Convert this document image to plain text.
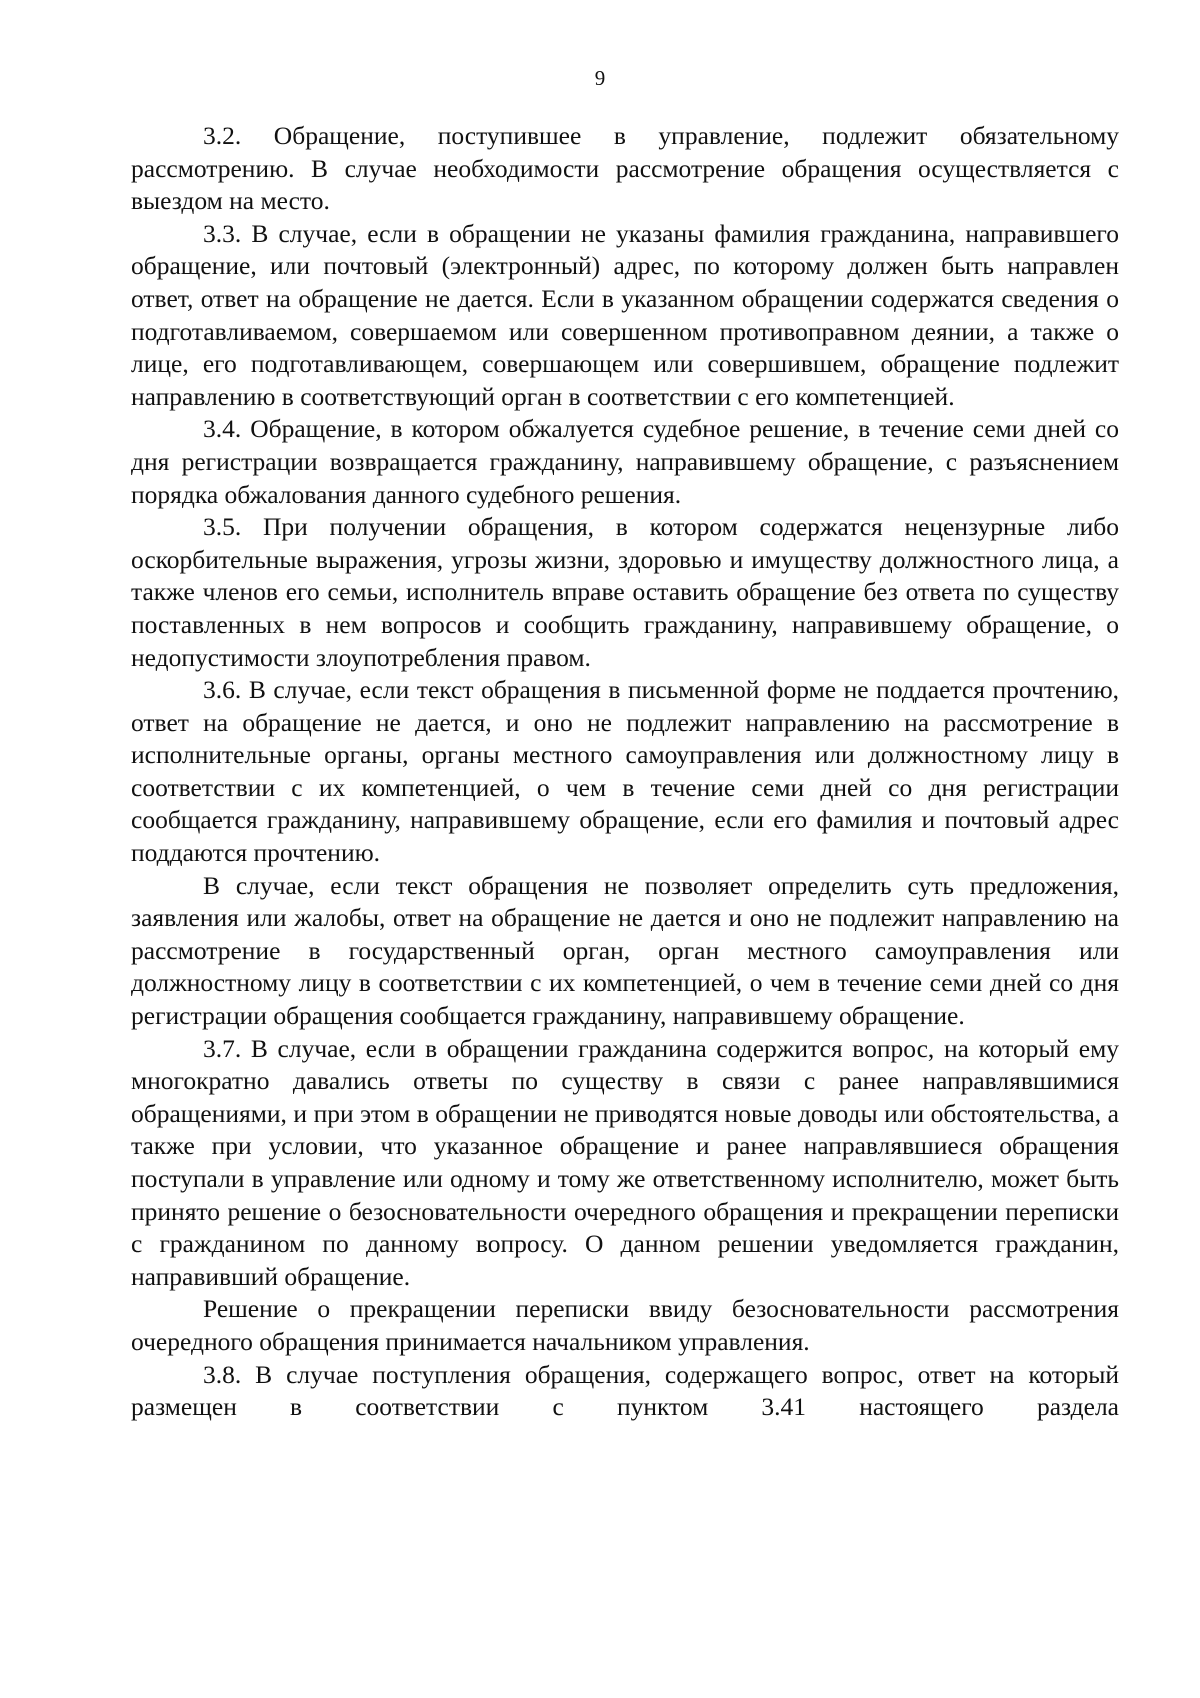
9

3.2. Обращение, поступившее в управление, подлежит обязательному рассмотрению. В случае необходимости рассмотрение обращения осуществляется с выездом на место.

3.3. В случае, если в обращении не указаны фамилия гражданина, направившего обращение, или почтовый (электронный) адрес, по которому должен быть направлен ответ, ответ на обращение не дается. Если в указанном обращении содержатся сведения о подготавливаемом, совершаемом или совершенном противоправном деянии, а также о лице, его подготавливающем, совершающем или совершившем, обращение подлежит направлению в соответствующий орган в соответствии с его компетенцией.

3.4. Обращение, в котором обжалуется судебное решение, в течение семи дней со дня регистрации возвращается гражданину, направившему обращение, с разъяснением порядка обжалования данного судебного решения.

3.5. При получении обращения, в котором содержатся нецензурные либо оскорбительные выражения, угрозы жизни, здоровью и имуществу должностного лица, а также членов его семьи, исполнитель вправе оставить обращение без ответа по существу поставленных в нем вопросов и сообщить гражданину, направившему обращение, о недопустимости злоупотребления правом.

3.6. В случае, если текст обращения в письменной форме не поддается прочтению, ответ на обращение не дается, и оно не подлежит направлению на рассмотрение в исполнительные органы, органы местного самоуправления или должностному лицу в соответствии с их компетенцией, о чем в течение семи дней со дня регистрации сообщается гражданину, направившему обращение, если его фамилия и почтовый адрес поддаются прочтению.

В случае, если текст обращения не позволяет определить суть предложения, заявления или жалобы, ответ на обращение не дается и оно не подлежит направлению на рассмотрение в государственный орган, орган местного самоуправления или должностному лицу в соответствии с их компетенцией, о чем в течение семи дней со дня регистрации обращения сообщается гражданину, направившему обращение.

3.7. В случае, если в обращении гражданина содержится вопрос, на который ему многократно давались ответы по существу в связи с ранее направлявшимися обращениями, и при этом в обращении не приводятся новые доводы или обстоятельства, а также при условии, что указанное обращение и ранее направлявшиеся обращения поступали в управление или одному и тому же ответственному исполнителю, может быть принято решение о безосновательности очередного обращения и прекращении переписки с гражданином по данному вопросу. О данном решении уведомляется гражданин, направивший обращение.

Решение о прекращении переписки ввиду безосновательности рассмотрения очередного обращения принимается начальником управления.

3.8. В случае поступления обращения, содержащего вопрос, ответ на который размещен в соответствии с пунктом 3.41 настоящего раздела
